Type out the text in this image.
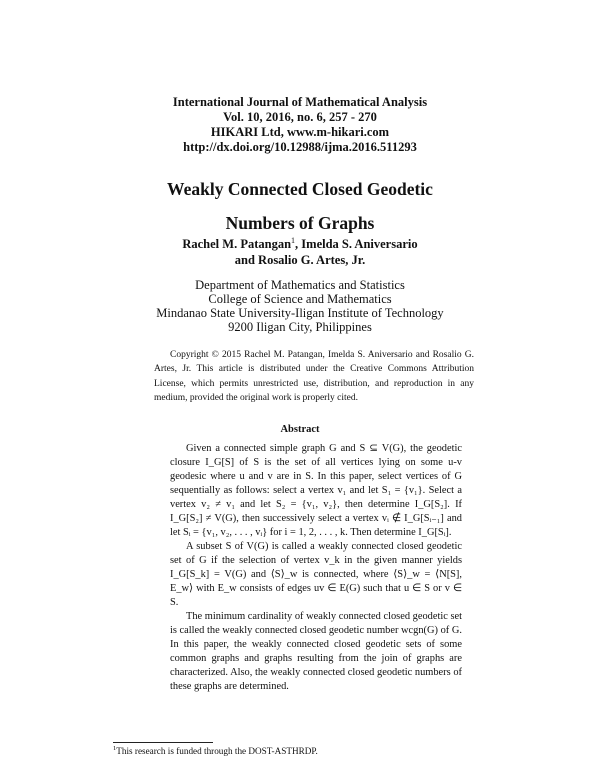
International Journal of Mathematical Analysis
Vol. 10, 2016, no. 6, 257 - 270
HIKARI Ltd, www.m-hikari.com
http://dx.doi.org/10.12988/ijma.2016.511293
Weakly Connected Closed Geodetic
Numbers of Graphs
Rachel M. Patangan$^1$, Imelda S. Aniversario
and Rosalio G. Artes, Jr.
Department of Mathematics and Statistics
College of Science and Mathematics
Mindanao State University-Iligan Institute of Technology
9200 Iligan City, Philippines
Copyright © 2015 Rachel M. Patangan, Imelda S. Aniversario and Rosalio G. Artes, Jr. This article is distributed under the Creative Commons Attribution License, which permits unrestricted use, distribution, and reproduction in any medium, provided the original work is properly cited.
Abstract

Given a connected simple graph G and S ⊆ V(G), the geodetic closure I_G[S] of S is the set of all vertices lying on some u-v geodesic where u and v are in S. In this paper, select vertices of G sequentially as follows: select a vertex v₁ and let S₁ = {v₁}. Select a vertex v₂ ≠ v₁ and let S₂ = {v₁, v₂}, then determine I_G[S₂]. If I_G[S₂] ≠ V(G), then successively select a vertex vᵢ ∉ I_G[Sᵢ₋₁] and let Sᵢ = {v₁, v₂, . . . , vᵢ} for i = 1, 2, . . . , k. Then determine I_G[Sᵢ].

A subset S of V(G) is called a weakly connected closed geodetic set of G if the selection of vertex v_k in the given manner yields I_G[S_k] = V(G) and ⟨S⟩_w is connected, where ⟨S⟩_w = ⟨N[S], E_w⟩ with E_w consists of edges uv ∈ E(G) such that u ∈ S or v ∈ S.

The minimum cardinality of weakly connected closed geodetic set is called the weakly connected closed geodetic number wcgn(G) of G. In this paper, the weakly connected closed geodetic sets of some common graphs and graphs resulting from the join of graphs are characterized. Also, the weakly connected closed geodetic numbers of these graphs are determined.

$^1$This research is funded through the DOST-ASTHRDP.
